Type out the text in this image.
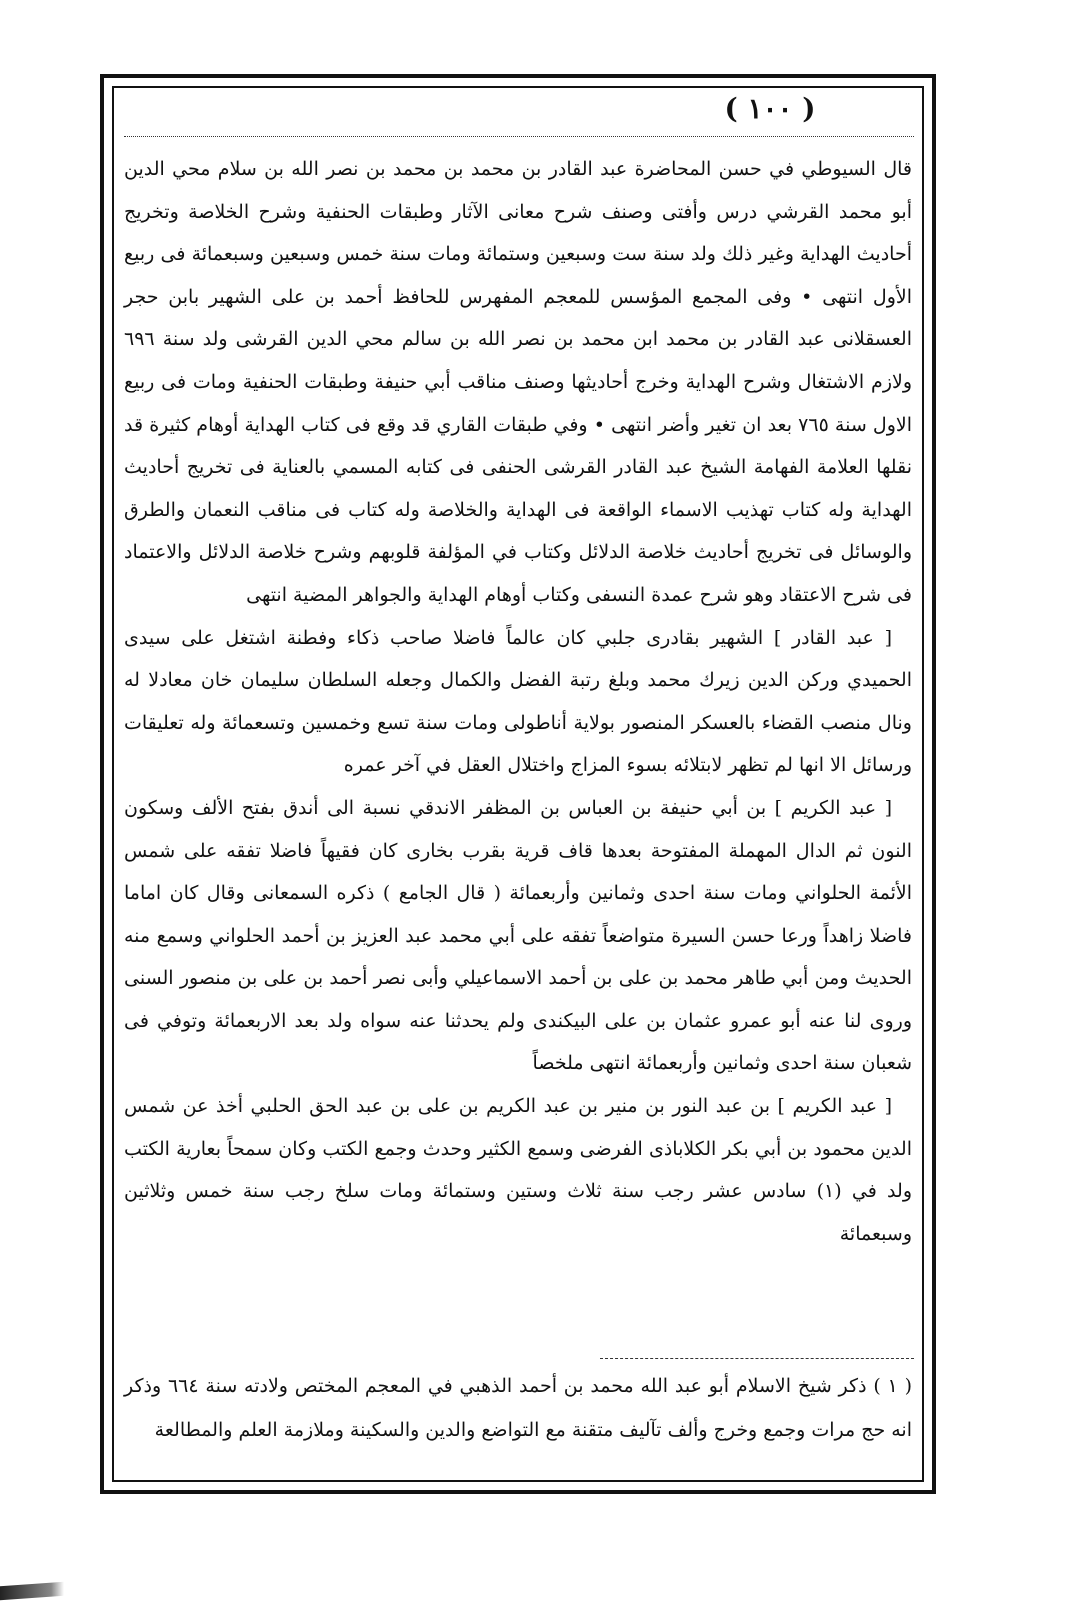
( ١٠٠ )

قال السيوطي في حسن المحاضرة عبد القادر بن محمد بن محمد بن نصر الله بن سلام محي الدين أبو محمد القرشي درس وأفتى وصنف شرح معانى الآثار وطبقات الحنفية وشرح الخلاصة وتخريج أحاديث الهداية وغير ذلك ولد سنة ست وسبعين وستمائة ومات سنة خمس وسبعين وسبعمائة فى ربيع الأول انتهى • وفى المجمع المؤسس للمعجم المفهرس للحافظ أحمد بن على الشهير بابن حجر العسقلانى عبد القادر بن محمد ابن محمد بن نصر الله بن سالم محي الدين القرشى ولد سنة ٦٩٦ ولازم الاشتغال وشرح الهداية وخرج أحاديثها وصنف مناقب أبي حنيفة وطبقات الحنفية ومات فى ربيع الاول سنة ٧٦٥ بعد ان تغير وأضر انتهى • وفي طبقات القاري قد وقع فى كتاب الهداية أوهام كثيرة قد نقلها العلامة الفهامة الشيخ عبد القادر القرشى الحنفى فى كتابه المسمي بالعناية فى تخريج أحاديث الهداية وله كتاب تهذيب الاسماء الواقعة فى الهداية والخلاصة وله كتاب فى مناقب النعمان والطرق والوسائل فى تخريج أحاديث خلاصة الدلائل وكتاب في المؤلفة قلوبهم وشرح خلاصة الدلائل والاعتماد فى شرح الاعتقاد وهو شرح عمدة النسفى وكتاب أوهام الهداية والجواهر المضية انتهى

[ عبد القادر ] الشهير بقادرى جلبي كان عالماً فاضلا صاحب ذكاء وفطنة اشتغل على سيدى الحميدي وركن الدين زيرك محمد وبلغ رتبة الفضل والكمال وجعله السلطان سليمان خان معادلا له ونال منصب القضاء بالعسكر المنصور بولاية أناطولى ومات سنة تسع وخمسين وتسعمائة وله تعليقات ورسائل الا انها لم تظهر لابتلائه بسوء المزاج واختلال العقل في آخر عمره

[ عبد الكريم ] بن أبي حنيفة بن العباس بن المظفر الاندقي نسبة الى أندق بفتح الألف وسكون النون ثم الدال المهملة المفتوحة بعدها قاف قرية بقرب بخارى كان فقيهاً فاضلا تفقه على شمس الأئمة الحلواني ومات سنة احدى وثمانين وأربعمائة ( قال الجامع ) ذكره السمعانى وقال كان اماما فاضلا زاهداً ورعا حسن السيرة متواضعاً تفقه على أبي محمد عبد العزيز بن أحمد الحلواني وسمع منه الحديث ومن أبي طاهر محمد بن على بن أحمد الاسماعيلي وأبى نصر أحمد بن على بن منصور السنى وروى لنا عنه أبو عمرو عثمان بن على البيكندى ولم يحدثنا عنه سواه ولد بعد الاربعمائة وتوفي فى شعبان سنة احدى وثمانين وأربعمائة انتهى ملخصاً

[ عبد الكريم ] بن عبد النور بن منير بن عبد الكريم بن على بن عبد الحق الحلبي أخذ عن شمس الدين محمود بن أبي بكر الكلاباذى الفرضى وسمع الكثير وحدث وجمع الكتب وكان سمحاً بعارية الكتب ولد في (١) سادس عشر رجب سنة ثلاث وستين وستمائة ومات سلخ رجب سنة خمس وثلاثين وسبعمائة

( ١ ) ذكر شيخ الاسلام أبو عبد الله محمد بن أحمد الذهبي في المعجم المختص ولادته سنة ٦٦٤ وذكر انه حج مرات وجمع وخرج وألف تآليف متقنة مع التواضع والدين والسكينة وملازمة العلم والمطالعة
